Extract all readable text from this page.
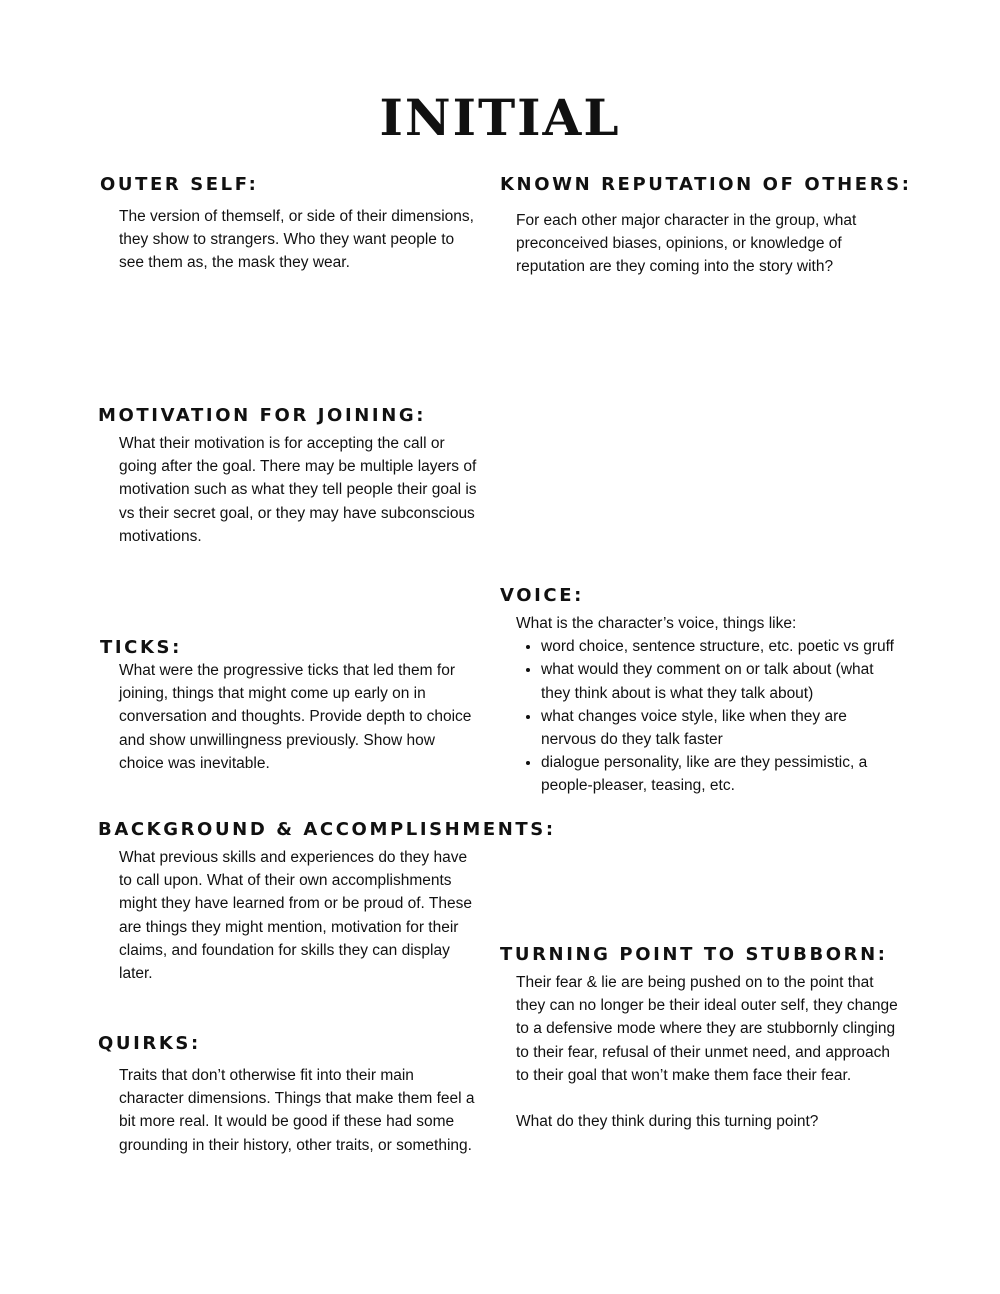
INITIAL
OUTER SELF:

The version of themself, or side of their dimensions, they show to strangers. Who they want people to see them as, the mask they wear.

MOTIVATION FOR JOINING:

What their motivation is for accepting the call or going after the goal. There may be multiple layers of motivation such as what they tell people their goal is vs their secret goal, or they may have subconscious motivations.

TICKS:

What were the progressive ticks that led them for joining, things that might come up early on in conversation and thoughts. Provide depth to choice and show unwillingness previously. Show how choice was inevitable.

BACKGROUND & ACCOMPLISHMENTS:

What previous skills and experiences do they have to call upon. What of their own accomplishments might they have learned from or be proud of. These are things they might mention, motivation for their claims, and foundation for skills they can display later.

QUIRKS:

Traits that don’t otherwise fit into their main character dimensions. Things that make them feel a bit more real. It would be good if these had some grounding in their history, other traits, or something.

KNOWN REPUTATION OF OTHERS:

For each other major character in the group, what preconceived biases, opinions, or knowledge of reputation are they coming into the story with?

VOICE:

What is the character’s voice, things like:

• word choice, sentence structure, etc. poetic vs gruff
• what would they comment on or talk about (what they think about is what they talk about)
• what changes voice style, like when they are nervous do they talk faster
• dialogue personality, like are they pessimistic, a people-pleaser, teasing, etc.
TURNING POINT TO STUBBORN:

Their fear & lie are being pushed on to the point that they can no longer be their ideal outer self, they change to a defensive mode where they are stubbornly clinging to their fear, refusal of their unmet need, and approach to their goal that won’t make them face their fear.

What do they think during this turning point?
